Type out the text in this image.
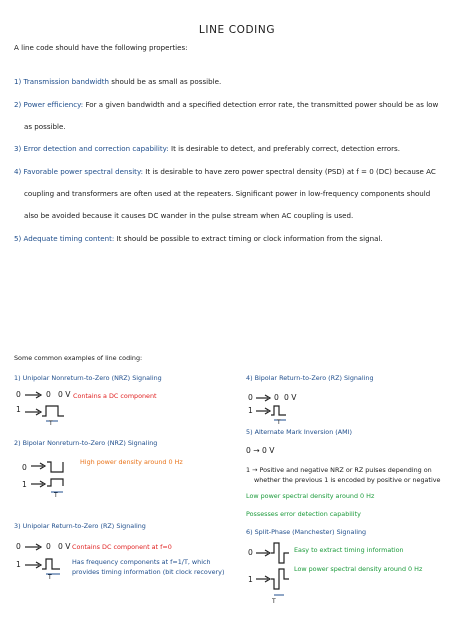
LINE CODING
A line code should have the following properties:
1) Transmission bandwidth should be as small as possible.
2) Power efficiency: For a given bandwidth and a specified detection error rate, the transmitted power should be as low
as possible.
3) Error detection and correction capability: It is desirable to detect, and preferably correct, detection errors.
4) Favorable power spectral density: It is desirable to have zero power spectral density (PSD) at f = 0 (DC) because AC
coupling and transformers are often used at the repeaters. Significant power in low-frequency components should
also be avoided because it causes DC wander in the pulse stream when AC coupling is used.
5) Adequate timing content: It should be possible to extract timing or clock information from the signal.
Some common examples of line coding:
1) Unipolar Nonreturn-to-Zero (NRZ) Signaling
0	0 0 V
1
T
Contains a DC component
2) Bipolar Nonreturn-to-Zero (NRZ) Signaling
0
High power density around 0 Hz
1
T
3) Unipolar Return-to-Zero (RZ) Signaling
0	0 0 V Contains DC component at f=0
1
T
Has frequency components at f=1/T, which
provides timing information (bit clock recovery)
4) Bipolar Return-to-Zero (RZ) Signaling
0	0 0 V
1
T
5) Alternate Mark Inversion (AMI)
0 → 0 V
1 → Positive and negative NRZ or RZ pulses depending on
whether the previous 1 is encoded by positive or negative
Low power spectral density around 0 Hz
Possesses error detection capability
6) Split-Phase (Manchester) Signaling
0	Easy to extract timing information
1
T
Low power spectral density around 0 Hz
